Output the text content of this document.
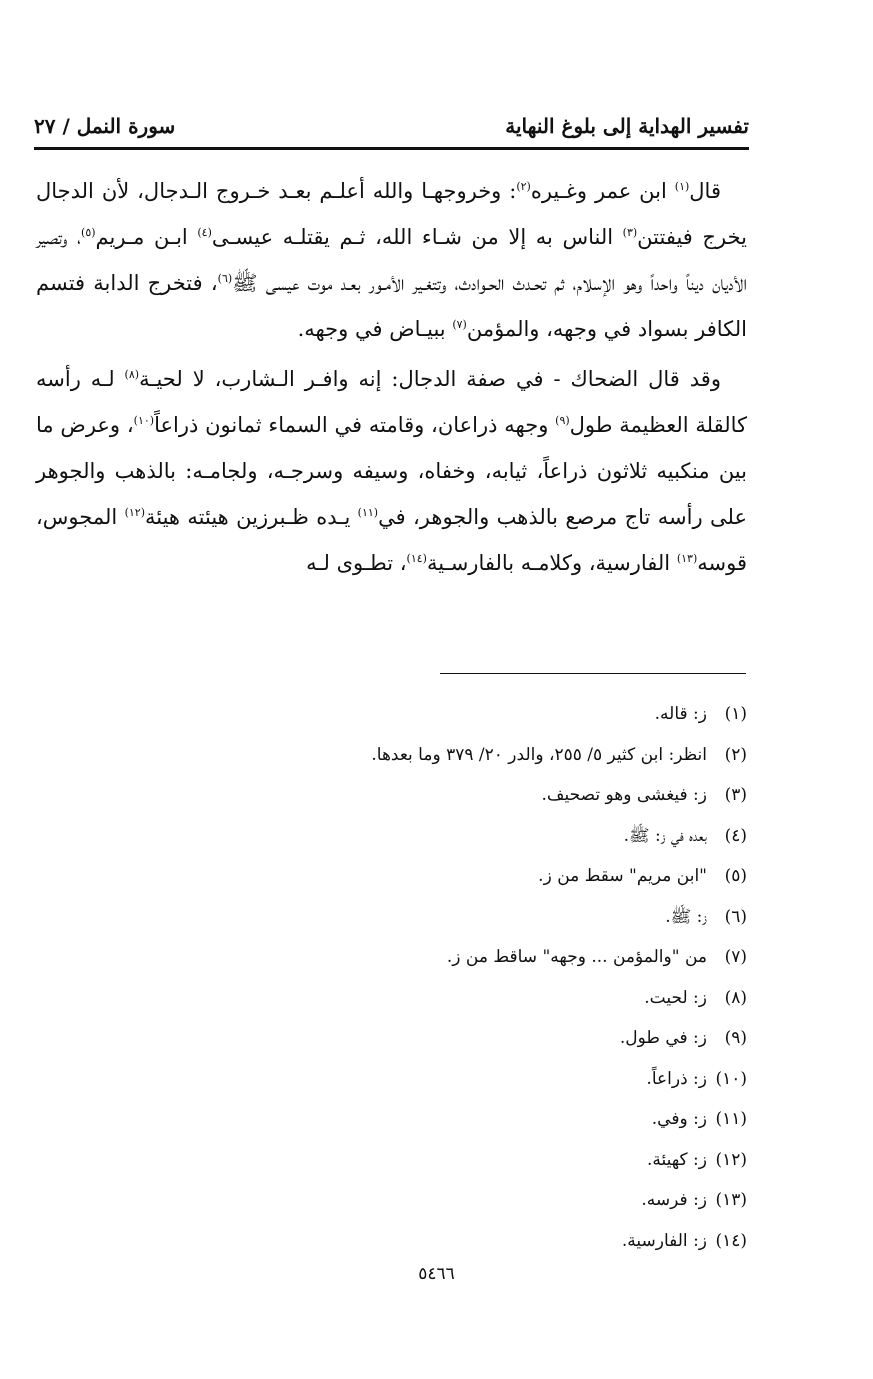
تفسير الهداية إلى بلوغ النهاية
سورة النمل / ٢٧

قال$^{(١)}$ ابن عمر وغـيره$^{(٢)}$: وخروجهـا والله أعلـم بعـد خـروج الـدجال، لأن الدجال يخرج فيفتتن$^{(٣)}$ الناس به إلا من شـاء الله، ثـم يقتلـه عيسـى$^{(٤)}$ ابـن مـريم$^{(٥)}$، وتصير الأديان ديناً واحداً وهو الإسلام، ثم تحـدث الحـوادث، وتتغـير الأمـور بعـد موت عيسى ﷺ$^{(٦)}$، فتخرج الدابة فتسم الكافر بسواد في وجهه، والمؤمن$^{(٧)}$ ببيـاض في وجهه.

وقد قال الضحاك - في صفة الدجال: إنه وافـر الـشارب، لا لحيـة$^{(٨)}$ لـه رأسه كالقلة العظيمة طول$^{(٩)}$ وجهه ذراعان، وقامته في السماء ثمانون ذراعاً$^{(١٠)}$، وعرض ما بين منكبيه ثلاثون ذراعاً، ثيابه، وخفاه، وسيفه وسرجـه، ولجامـه: بالذهب والجوهر على رأسه تاج مرصع بالذهب والجوهر، في$^{(١١)}$ يـده ظـبرزين هيئته هيئة$^{(١٢)}$ المجوس، قوسه$^{(١٣)}$ الفارسية، وكلامـه بالفارسـية$^{(١٤)}$، تطـوى لـه

(١)
ز: قاله.
(٢)
انظر: ابن كثير ٥/ ٢٥٥، والدر ٢٠/ ٣٧٩ وما بعدها.
(٣)
ز: فيغشى وهو تصحيف.
(٤)
بعده في ز: ﷺ.
(٥)
"ابن مريم" سقط من ز.
(٦)
ز: ﷺ.
(٧)
من "والمؤمن ... وجهه" ساقط من ز.
(٨)
ز: لحيت.
(٩)
ز: في طول.
(١٠)
ز: ذراعاً.
(١١)
ز: وفي.
(١٢)
ز: كهيئة.
(١٣)
ز: فرسه.
(١٤)
ز: الفارسية.
٥٤٦٦
